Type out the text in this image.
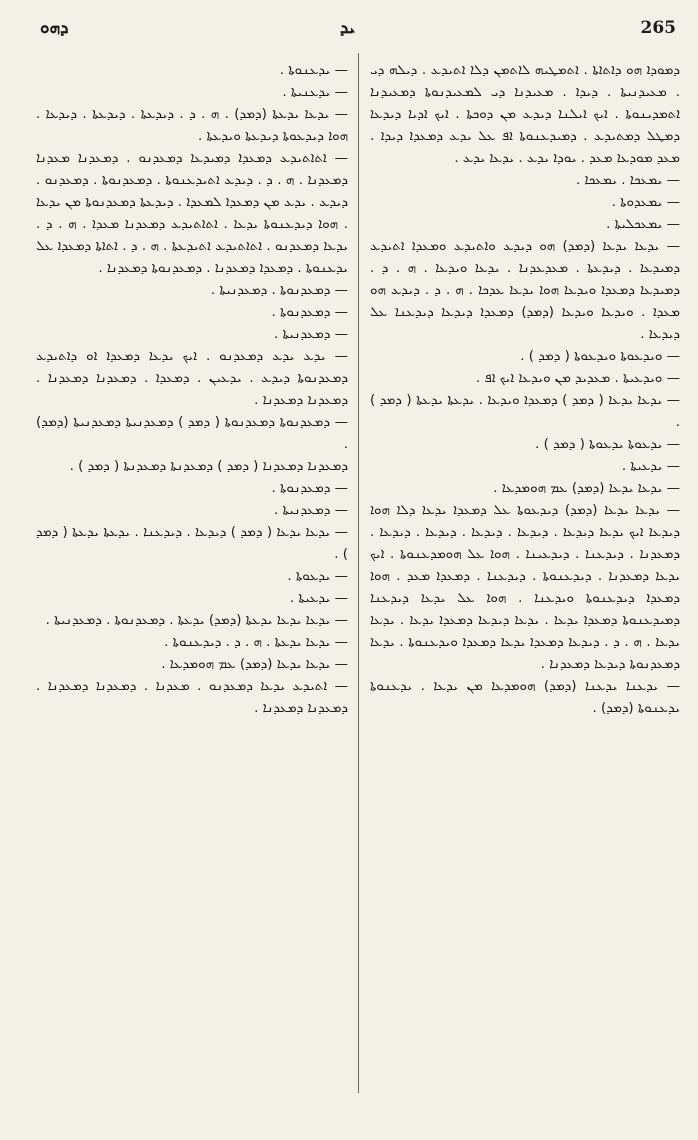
ܕܗܘ	ܝܕ	265

ܕܡܘܕܐ ܗܘ ܕܐܬܐܬܐ . ܐܬܡܛܝܗ ܠܐܬܡܢ ܕܠܐ ܐܬܝܕܥ . ܕܝܠܗ ܕܝ . ܡܥܝܕܢܝܬܐ . ܕܝܕܐ . ܡܥܝܕܢܐ ܕܝ ܠܡܥܝܕܢܘܬܐ ܕܡܥܝܕܢܐ ܐܬܡܕܝܢܘܬܐ . ܐܝܟ ܐܝܠܢܐ ܕܝܕܥ ܡܢ ܕܘܟܬܐ . ܐܝܟ ܐܕܝܐ ܕܝܕܥܐ ܕܡܛܠ ܕܡܬܝܕܥ . ܕܡܝܕܥܢܘܬܐ ܐܦ ܥܠ ܝܕܥ ܕܡܥܕܐ ܕܝܕܐ . ܡܥܕ ܡܘܕܥܐ ܡܥܕ . ܝܘܕܐ ܝܕܥ . ܝܕܥܐ ܝܕܥ .

— ܝܡܥܟܐ . ܝܡܥܟܐ .

— ܝܡܥܕܘܬܐ .

— ܝܡܥܟܠܝܬܐ .

— ܝܕܥܐ ܝܕܥܐ (ܕܡܕ) ܗܘ ܕܝܕܥ ܘܐܬܝܕܥ ܘܡܥܕܐ ܐܬܝܕܥ ܕܡܝܕܥܐ . ܕܝܕܥܬܐ . ܡܥܕܥܕܢܐ . ܝܕܥܐ ܘܝܕܥܐ . ܗ . ܕ . ܕܡܝܕܥܐ ܕܡܥܕܐ ܘܝܕܥܐ ܗܘܐ ܝܕܥܐ ܥܕܟܐ . ܗ . ܕ . ܕܝܕܥ ܗܘ ܡܥܕܐ . ܘܝܕܥܐ ܘܝܕܥܐ (ܕܡܕ) ܕܡܥܕܐ ܕܝܕܥܐ ܕܝܕܥܢܐ ܥܠ ܕܝܕܥܐ .

— ܘܝܕܥܘܬܐ ܘܝܕܥܘܬܐ ( ܕܡܕ ) .

— ܘܝܕܥܝܬܐ . ܡܥܕܝܕ ܡܢ ܘܝܕܥܐ ܐܝܟ ܐܦ .

— ܝܕܥܐ ܝܕܥܐ ( ܕܡܕ ) ܕܡܥܕܐ ܘܝܕܥܐ . ܝܕܥܬܐ ܝܕܥܬܐ ( ܕܡܕ ) .

— ܝܕܥܘܬܐ ܝܕܥܘܬܐ ( ܕܡܕ ) .

— ܝܕܥܝܬܐ .

— ܝܕܥܐ ܝܕܥܐ (ܕܡܕ) ܥܡ ܗܘܡܕܥܐ .

— ܝܕܥܐ ܝܕܥܐ (ܕܡܕ) ܕܝܕܥܘܬܐ ܥܠ ܕܡܥܕܐ ܝܕܥܐ ܕܠܐ ܗܘܐ ܕܝܕܥܐ ܐܝܟ ܝܕܥܐ ܕܝܕܥܐ . ܕܝܕܥܐ . ܕܝܕܥܐ . ܕܝܕܥܐ . ܕܝܕܥܐ . ܕܡܥܕܢܐ . ܕܝܕܥܢܐ . ܕܝܕܥܝܢܐ . ܗܘܐ ܥܠ ܗܘܡܕܥܢܘܬܐ . ܐܝܟ ܝܕܥܐ ܕܡܥܕܢܐ . ܕܝܕܥܢܘܬܐ . ܕܝܕܥܢܐ . ܕܡܥܕܐ ܡܥܕ . ܗܘܐ ܕܡܥܕܐ ܕܝܕܥܢܘܬܐ ܘܝܕܥܢܐ . ܗܘܐ ܥܠ ܝܕܥܐ ܕܝܕܥܢܐ ܕܡܝܕܥܢܘܬܐ ܕܡܥܕܐ ܝܕܥܐ . ܝܕܥܐ ܕܝܕܥܐ ܕܡܥܕܐ ܝܕܥܐ . ܝܕܥܐ ܝܕܥܐ . ܗ . ܕ . ܕܝܕܥܐ ܕܡܥܕܐ ܝܕܥܐ ܕܡܥܕܐ ܘܝܕܥܢܘܬܐ . ܝܕܥܐ ܕܡܥܕܢܘܬܐ ܕܝܕܥܐ ܕܡܥܕܢܐ .

— ܝܕܥܢܐ ܝܕܥܢܐ (ܕܡܕ) ܗܘܡܕܥܐ ܡܢ ܝܕܥܐ . ܝܕܥܢܘܬܐ ܝܕܥܢܘܬܐ (ܕܡܕ) .

— ܝܕܥܢܘܬܐ .

— ܝܕܥܢܝܬܐ .

— ܝܕܥܐ ܝܕܥܬܐ (ܕܡܕ) . ܗ . ܕ . ܕܝܕܥܬܐ . ܕܝܕܥܬܐ . ܕܝܕܥܐ . ܗܘܐ ܕܝܕܥܘܬܐ ܕܝܕܥܬܐ ܘܝܕܥܬܐ .

— ܐܬܐܬܝܕܥ ܕܡܥܕܐ ܕܡܝܕܥܐ ܕܡܥܕܢܘ . ܕܡܥܕܢܐ ܡܥܕܢܐ ܕܡܥܕܢܐ . ܗ . ܕ . ܕܝܕܥ ܐܬܝܕܥܢܘܬܐ . ܕܡܥܕܢܘܬܐ . ܕܡܥܕܢܘ . ܕܝܕܥ . ܝܕܥ ܡܢ ܕܡܥܕܐ ܠܡܥܕܐ . ܕܝܕܥܬܐ ܕܡܥܕܢܘܬܐ ܡܢ ܝܕܥܐ . ܗܘܐ ܕܝܕܥܢܘܬܐ ܝܕܥܐ . ܐܬܐܬܝܕܥ ܕܡܥܕܢܐ ܡܥܕܐ . ܗ . ܕ . ܝܕܥܐ ܕܡܥܕܢܘ . ܐܬܐܬܝܕܥ ܐܬܝܕܥܬܐ . ܗ . ܕ . ܐܬܐܬܐ ܕܡܥܕܐ ܥܠ ܝܕܥܢܘܬܐ . ܕܡܥܕܐ ܕܡܥܕܢܐ . ܕܡܥܕܢܘܬܐ ܕܡܥܕܢܐ .

— ܕܡܥܕܢܘܬܐ . ܕܡܥܕܢܝܬܐ .

— ܕܡܥܕܢܘܬܐ .

— ܕܡܥܕܢܝܬܐ .

— ܝܕܥ ܝܕܥ ܕܡܥܕܢܘ . ܐܝܟ ܝܕܥܐ ܕܡܥܕܐ ܐܘ ܕܐܬܝܕܥ ܕܡܥܕܢܘܬܐ ܕܝܕܥ . ܝܕܥܝܢ . ܕܡܥܕܐ . ܕܡܥܕܢܐ ܕܡܥܕܢܐ . ܕܡܥܕܢܐ ܕܡܥܕܢܐ .

— ܕܡܥܕܢܘܬܐ ܕܡܥܕܢܘܬܐ ( ܕܡܕ ) ܕܡܥܕܢܝܬܐ ܕܡܥܕܢܝܬܐ (ܕܡܕ) .

ܕܡܥܕܢܐ ܕܡܥܕܢܐ ( ܕܡܕ ) ܕܡܥܕܢܬܐ ܕܡܥܕܢܬܐ ( ܕܡܕ ) .

— ܕܡܥܕܢܘܬܐ .

— ܕܡܥܕܢܝܬܐ .

— ܝܕܥܐ ܝܕܥܐ ( ܕܡܕ ) ܕܝܕܥܐ . ܕܝܕܥܢܐ . ܝܕܥܬܐ ܝܕܥܬܐ ( ܕܡܕ ) .

— ܝܕܥܘܬܐ .

— ܝܕܥܝܬܐ .

— ܝܕܥܐ ܝܕܥܐ ܝܕܥܬܐ (ܕܡܕ) ܝܕܥܬܐ . ܕܡܥܕܢܘܬܐ . ܕܡܥܕܢܝܬܐ .

— ܝܕܥܐ ܝܕܥܬܐ . ܗ . ܕ . ܕܝܕܥܢܘܬܐ .

— ܝܕܥܐ ܝܕܥܐ (ܕܡܕ) ܥܡ ܗܘܡܕܥܐ .

— ܐܬܝܕܥ ܝܕܥܐ ܕܡܥܕܢܘ . ܡܥܕܢܐ . ܕܡܥܕܢܐ ܕܡܥܕܢܐ . ܕܡܥܕܢܐ ܕܡܥܕܢܐ .
